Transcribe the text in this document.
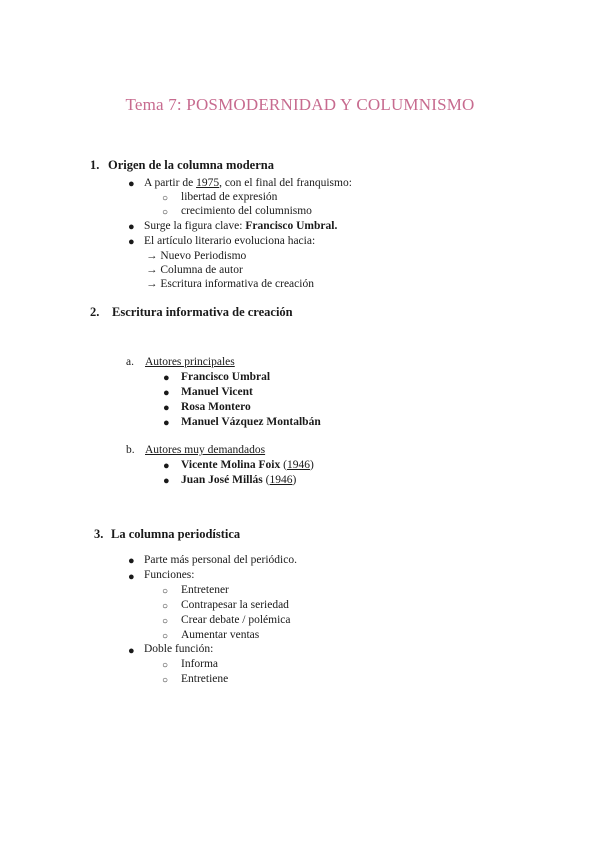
Tema 7: POSMODERNIDAD Y COLUMNISMO
1. Origen de la columna moderna
● A partir de 1975, con el final del franquismo:
○ libertad de expresión
○ crecimiento del columnismo
● Surge la figura clave: Francisco Umbral.
● El artículo literario evoluciona hacia:
→ Nuevo Periodismo
→ Columna de autor
→ Escritura informativa de creación
2. Escritura informativa de creación
a. Autores principales
● Francisco Umbral
● Manuel Vicent
● Rosa Montero
● Manuel Vázquez Montalbán
b. Autores muy demandados
● Vicente Molina Foix (1946)
● Juan José Millás (1946)
3. La columna periodística
● Parte más personal del periódico.
● Funciones:
○ Entretener
○ Contrapesar la seriedad
○ Crear debate / polémica
○ Aumentar ventas
● Doble función:
○ Informa
○ Entretiene
